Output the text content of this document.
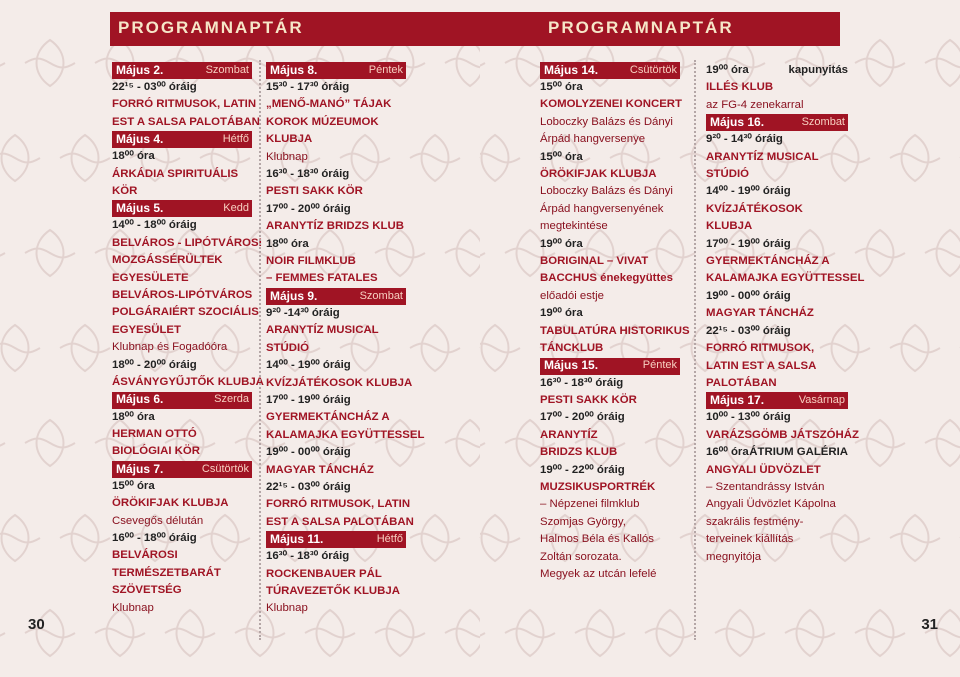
PROGRAMNAPTÁR
30
Május 2.	Szombat
22¹⁵ - 03⁰⁰ óráig
FORRÓ RITMUSOK, LATIN
EST A SALSA PALOTÁBAN
Május 4.	Hétfő
18⁰⁰ óra
ÁRKÁDIA SPIRITUÁLIS
KÖR
Május 5.	Kedd
14⁰⁰ - 18⁰⁰ óráig
BELVÁROS - LIPÓTVÁROSI
MOZGÁSSÉRÜLTEK
EGYESÜLETE
BELVÁROS-LIPÓTVÁROS
POLGÁRAIÉRT SZOCIÁLIS
EGYESÜLET
Klubnap és Fogadóóra
18⁰⁰ - 20⁰⁰ óráig
ÁSVÁNYGYŰJTŐK KLUBJA
Május 6.	Szerda
18⁰⁰ óra
HERMAN OTTÓ
BIOLÓGIAI KÖR
Május 7.	Csütörtök
15⁰⁰ óra
ÖRÖKIFJAK KLUBJA
Csevegős délután
16⁰⁰ - 18⁰⁰ óráig
BELVÁROSI
TERMÉSZETBARÁT
SZÖVETSÉG
Klubnap
Május 8.	Péntek
15³⁰ - 17³⁰ óráig
„MENŐ-MANÓ” TÁJAK
KOROK MÚZEUMOK
KLUBJA
Klubnap
16³⁰ - 18³⁰ óráig
PESTI SAKK KÖR
17⁰⁰ - 20⁰⁰ óráig
ARANYTÍZ BRIDZS KLUB
18⁰⁰ óra
NOIR FILMKLUB
– FEMMES FATALES
Május 9.	Szombat
9²⁰ -14³⁰ óráig
ARANYTÍZ MUSICAL
STÚDIÓ
14⁰⁰ - 19⁰⁰ óráig
KVÍZJÁTÉKOSOK KLUBJA
17⁰⁰ - 19⁰⁰ óráig
GYERMEKTÁNCHÁZ A
KALAMAJKA EGYÜTTESSEL
19⁰⁰ - 00⁰⁰ óráig
MAGYAR TÁNCHÁZ
22¹⁵ - 03⁰⁰ óráig
FORRÓ RITMUSOK, LATIN
EST A SALSA PALOTÁBAN
Május 11.	Hétfő
16³⁰ - 18³⁰ óráig
ROCKENBAUER PÁL
TÚRAVEZETŐK KLUBJA
Klubnap
PROGRAMNAPTÁR
31
Május 14.	Csütörtök
15⁰⁰ óra
KOMOLYZENEI KONCERT
Loboczky Balázs és Dányi
Árpád hangversenye
15⁰⁰ óra
ÖRÖKIFJAK KLUBJA
Loboczky Balázs és Dányi
Árpád hangversenyének
megtekintése
19⁰⁰ óra
BORIGINAL – VIVAT
BACCHUS énekegyüttes
előadói estje
19⁰⁰ óra
TABULATÚRA HISTORIKUS
TÁNCKLUB
Május 15.	Péntek
16³⁰ - 18³⁰ óráig
PESTI SAKK KÖR
17⁰⁰ - 20⁰⁰ óráig
ARANYTÍZ
BRIDZS KLUB
19⁰⁰ - 22⁰⁰ óráig
MUZSIKUSPORTRÉK
– Népzenei filmklub
Szomjas György,
Halmos Béla és Kallós
Zoltán sorozata.
Megyek az utcán lefelé
19⁰⁰ óra	kapunyitás
ILLÉS KLUB
az FG-4 zenekarral
Május 16.	Szombat
9²⁰ - 14³⁰ óráig
ARANYTÍZ MUSICAL
STÚDIÓ
14⁰⁰ - 19⁰⁰ óráig
KVÍZJÁTÉKOSOK
KLUBJA
17⁰⁰ - 19⁰⁰ óráig
GYERMEKTÁNCHÁZ A
KALAMAJKA EGYÜTTESSEL
19⁰⁰ - 00⁰⁰ óráig
MAGYAR TÁNCHÁZ
22¹⁵ - 03⁰⁰ óráig
FORRÓ RITMUSOK,
LATIN EST A SALSA
PALOTÁBAN
Május 17.	Vasárnap
10⁰⁰ - 13⁰⁰ óráig
VARÁZSGÖMB JÁTSZÓHÁZ
16⁰⁰ óra ÁTRIUM GALÉRIA
ANGYALI ÜDVÖZLET
– Szentandrássy István
Angyali Üdvözlet Kápolna
szakrális festmény-
terveinek kiállítás
megnyitója
